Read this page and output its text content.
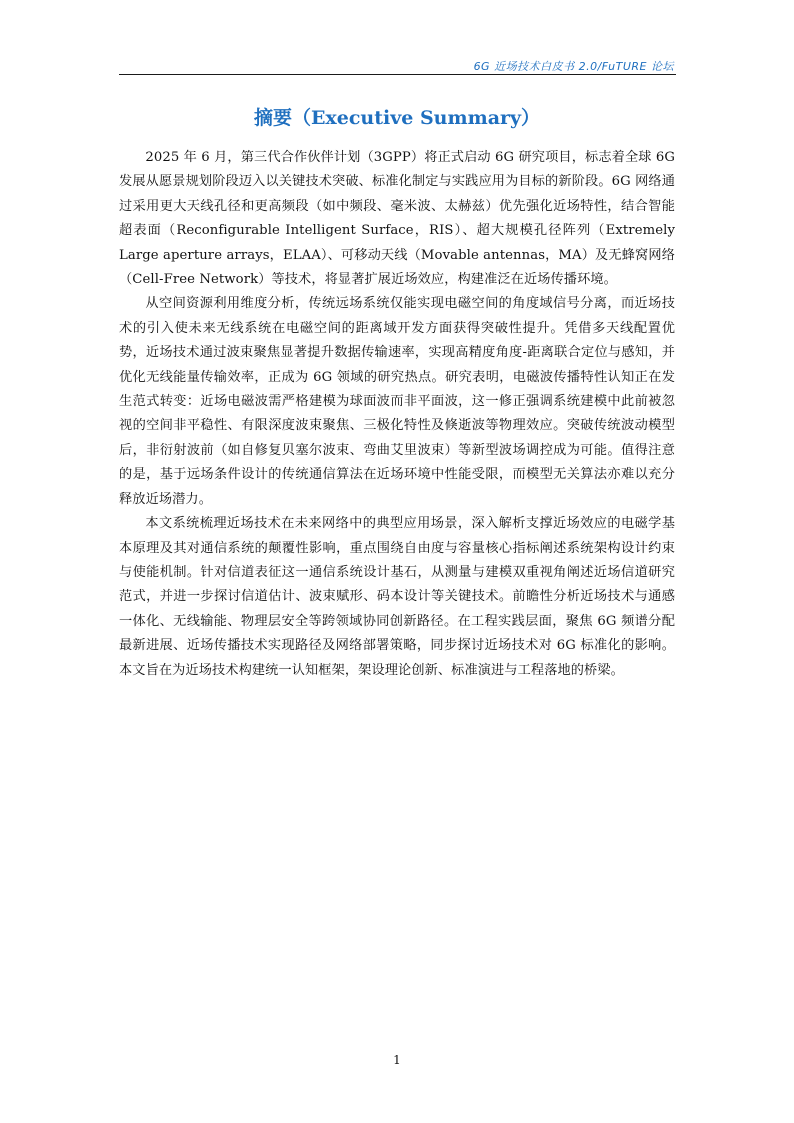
6G 近场技术白皮书 2.0/FuTURE 论坛
摘要（Executive Summary）

2025 年 6 月，第三代合作伙伴计划（3GPP）将正式启动 6G 研究项目，标志着全球 6G 发展从愿景规划阶段迈入以关键技术突破、标准化制定与实践应用为目标的新阶段。6G 网络通过采用更大天线孔径和更高频段（如中频段、毫米波、太赫兹）优先强化近场特性，结合智能超表面（Reconfigurable Intelligent Surface，RIS）、超大规模孔径阵列（Extremely Large aperture arrays，ELAA）、可移动天线（Movable antennas，MA）及无蜂窝网络（Cell-Free Network）等技术，将显著扩展近场效应，构建准泛在近场传播环境。

从空间资源利用维度分析，传统远场系统仅能实现电磁空间的角度域信号分离，而近场技术的引入使未来无线系统在电磁空间的距离域开发方面获得突破性提升。凭借多天线配置优势，近场技术通过波束聚焦显著提升数据传输速率，实现高精度角度-距离联合定位与感知，并优化无线能量传输效率，正成为 6G 领域的研究热点。研究表明，电磁波传播特性认知正在发生范式转变：近场电磁波需严格建模为球面波而非平面波，这一修正强调系统建模中此前被忽视的空间非平稳性、有限深度波束聚焦、三极化特性及倏逝波等物理效应。突破传统波动模型后，非衍射波前（如自修复贝塞尔波束、弯曲艾里波束）等新型波场调控成为可能。值得注意的是，基于远场条件设计的传统通信算法在近场环境中性能受限，而模型无关算法亦难以充分释放近场潜力。

本文系统梳理近场技术在未来网络中的典型应用场景，深入解析支撑近场效应的电磁学基本原理及其对通信系统的颠覆性影响，重点围绕自由度与容量核心指标阐述系统架构设计约束与使能机制。针对信道表征这一通信系统设计基石，从测量与建模双重视角阐述近场信道研究范式，并进一步探讨信道估计、波束赋形、码本设计等关键技术。前瞻性分析近场技术与通感一体化、无线输能、物理层安全等跨领域协同创新路径。在工程实践层面，聚焦 6G 频谱分配最新进展、近场传播技术实现路径及网络部署策略，同步探讨近场技术对 6G 标准化的影响。本文旨在为近场技术构建统一认知框架，架设理论创新、标准演进与工程落地的桥梁。

1
